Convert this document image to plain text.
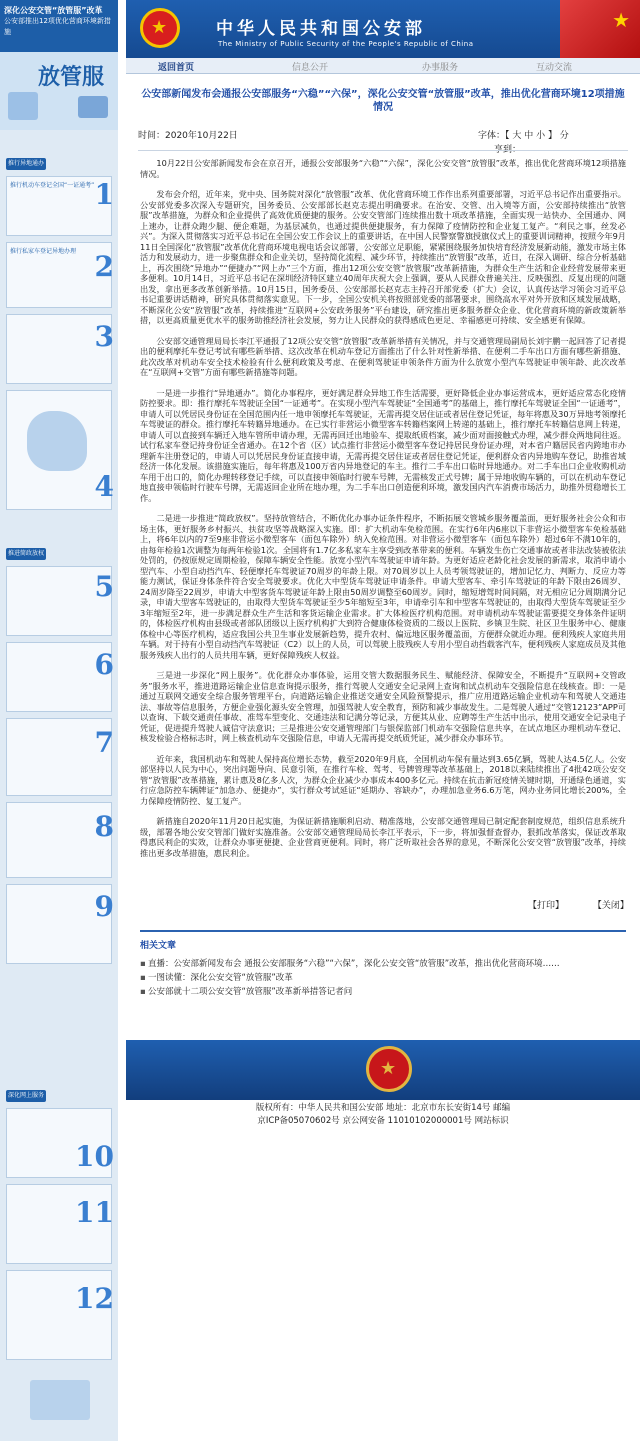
深化公安交管“放管服”改革
公安部推出12项优化营商环境新措施
放管服
推行异地通办
推行机动车登记全国“一证通考” 1
推行私家车登记异地办理 2
3
4
推进简政放权
5
6
7
8
9
深化网上服务
10
11
12
★	中华人民共和国公安部
The Ministry of Public Security of the People's Republic of China
★
返回首页	信息公开	办事服务	互动交流
公安部新闻发布会通报公安部服务“六稳”“六保”，深化公安交管“放管服”改革，推出优化营商环境12项措施情况
时间：2020年10月22日	字体：【 大 中 小 】 分
享到：

10月22日公安部新闻发布会在京召开，通报公安部服务“六稳”“六保”，深化公安交管“放管服”改革，推出优化营商环境12项措施情况。

发布会介绍，近年来，党中央、国务院对深化“放管服”改革、优化营商环境工作作出系列重要部署，习近平总书记作出重要指示。公安部党委多次深入专题研究，国务委员、公安部部长赵克志提出明确要求。在治安、交管、出入境等方面，公安部持续推出“放管服”改革措施，为群众和企业提供了高效优质便捷的服务。公安交管部门连续推出数十项改革措施，全面实现一站快办、全国通办、网上速办，让群众跑少腿、便企难题，为基层减负，也通过提供便捷服务，有力保障了疫情防控和企业复工复产。“利民之事，丝发必兴”。为深入贯彻落实习近平总书记在全国公安工作会议上的重要讲话，在中国人民警察警旗授旗仪式上的重要训词精神，按照今年9月11日全国深化“放管服”改革优化营商环境电视电话会议部署，公安部立足职能，紧紧围绕服务加快培育经济发展新动能，激发市场主体活力和发展动力，进一步聚焦群众和企业关切，坚持简化流程、减少环节，持续推出“放管服”改革，近日，在深入调研、综合分析基础上，再次围绕“异地办”“便捷办”“网上办”三个方面，推出12项公安交管“放管服”改革新措施，为群众生产生活和企业经营发展带来更多便利。10月14日，习近平总书记在深圳经济特区建立40周年庆祝大会上强调，要从人民群众普遍关注、反映强烈、反复出现的问题出发，拿出更多改革创新举措。10月15日，国务委员、公安部部长赵克志主持召开部党委（扩大）会议，认真传达学习领会习近平总书记重要讲话精神，研究具体贯彻落实意见。下一步，全国公安机关将按照部党委的部署要求，围绕高水平对外开放和区域发展战略，不断深化公安“放管服”改革，持续推进“互联网+公安政务服务”平台建设，研究推出更多服务群众企业、优化营商环境的新政策新举措，以更高质量更优水平的服务助推经济社会发展，努力让人民群众的获得感成色更足、幸福感更可持续、安全感更有保障。

公安部交通管理局局长李江平通报了12项公安交管“放管服”改革新举措有关情况，并与交通管理局副局长刘宇鹏一起回答了记者提出的便利摩托车登记考试有哪些新举措、这次改革在机动车登记方面推出了什么针对性新举措、在便利二手车出口方面有哪些新措施、此次改革对机动车安全技术检验有什么便利政策及考虑、在便利驾驶证申领条件方面为什么放宽小型汽车驾驶证申领年龄、此次改革在“互联网+交管”方面有哪些新措施等问题。

一是进一步推行“异地通办”。简化办事程序，更好满足群众异地工作生活需要，更好降低企业办事运营成本，更好适应常态化疫情防控要求。即：推行摩托车驾驶证全国“一证通考”。在实现小型汽车驾驶证“全国通考”的基础上，推行摩托车驾驶证全国“一证通考”，申请人可以凭居民身份证在全国范围内任一地申领摩托车驾驶证，无需再提交居住证或者居住登记凭证，每年将惠及30万异地考领摩托车驾驶证的群众。推行摩托车转籍异地通办。在已实行非营运小微型客车转籍档案网上转递的基础上，推行摩托车转籍信息网上转递，申请人可以直接到车辆迁入地车管所申请办理，无需再回迁出地验车、提取纸质档案，减少面对面接触式办理，减少群众两地间往返。试行私家车登记持身份证全省通办。在12个省（区）试点推行非营运小微型客车登记持居民身份证办理，对本省户籍居民省内跨地市办理新车注册登记的，申请人可以凭居民身份证直接申请，无需再提交居住证或者居住登记凭证，便利群众省内异地购车登记，助推省域经济一体化发展。该措施实施后，每年将惠及100万省内异地登记的车主。推行二手车出口临时异地通办。对二手车出口企业收购机动车用于出口的，简化办理转移登记手续，可以直接申领临时行驶车号牌，无需核发正式号牌；属于异地收购车辆的，可以在机动车登记地直接申领临时行驶车号牌，无需返回企业所在地办理，为二手车出口创造便利环境，激发国内汽车消费市场活力，助推外贸稳增长工作。

二是进一步推进“简政放权”。坚持放管结合，不断优化办事办证条件程序，不断拓展交管城乡服务覆盖面，更好服务社会公众和市场主体，更好服务乡村振兴、扶贫攻坚等战略深入实施。即：扩大机动车免检范围。在实行6年内6座以下非营运小微型客车免检基础上，将6年以内的7至9座非营运小微型客车（面包车除外）纳入免检范围。对非营运小微型客车（面包车除外）超过6年不满10年的，由每年检验1次调整为每两年检验1次。全国将有1.7亿多私家车主享受到改革带来的便利。车辆发生伤亡交通事故或者非法改装被依法处罚的，仍按原规定周期检验，保障车辆安全性能。放宽小型汽车驾驶证申请年龄。为更好适应老龄化社会发展的新需求，取消申请小型汽车、小型自动挡汽车、轻便摩托车驾驶证70周岁的年龄上限。对70周岁以上人员考领驾驶证的，增加记忆力、判断力、反应力等能力测试，保证身体条件符合安全驾驶要求。优化大中型货车驾驶证申请条件。申请大型客车、牵引车驾驶证的年龄下限由26周岁、24周岁降至22周岁，申请大中型客货车驾驶证年龄上限由50周岁调整至60周岁。同时，缩短增驾时间间隔，对无相应记分周期满分记录，申请大型客车驾驶证的，由取得大型货车驾驶证至少5年缩短至3年，申请牵引车和中型客车驾驶证的，由取得大型货车驾驶证至少3年缩短至2年，进一步满足群众生产生活和客货运输企业需求。扩大体检医疗机构范围。对申请机动车驾驶证需要提交身体条件证明的，体检医疗机构由县级或者部队团级以上医疗机构扩大到符合健康体检资质的二级以上医院、乡镇卫生院、社区卫生服务中心、健康体检中心等医疗机构，适应我国公共卫生事业发展新趋势，提升农村、偏远地区服务覆盖面，方便群众就近办理。便利残疾人家庭共用车辆。对于持有小型自动挡汽车驾驶证（C2）以上的人员，可以驾驶上肢残疾人专用小型自动挡载客汽车，便利残疾人家庭成员及其他服务残疾人出行的人员共用车辆，更好保障残疾人权益。

三是进一步深化“网上服务”。优化群众办事体验，运用交管大数据服务民生、赋能经济、保障安全，不断提升“互联网+交管政务”服务水平，推进道路运输企业信息查询提示服务，推行驾驶人交通安全记录网上查询和试点机动车交强险信息在线核查。即：一是通过互联网交通安全综合服务管理平台，向道路运输企业推送交通安全风险预警提示，推广应用道路运输企业机动车和驾驶人交通违法、事故等信息服务，方便企业强化源头安全管理，加强驾驶人安全教育，预防和减少事故发生。二是驾驶人通过“交管12123”APP可以查询、下载交通责任事故、准驾车型变化、交通违法和记满分等记录，方便其从业、应聘等生产生活中出示，使用交通安全记录电子凭证，促进提升驾驶人诚信守法意识；三是推进公安交通管理部门与银保监部门机动车交强险信息共享，在试点地区办理机动车登记、核发检验合格标志时，网上核查机动车交强险信息，申请人无需再提交纸质凭证，减少群众办事环节。

近年来，我国机动车和驾驶人保持高位增长态势，截至2020年9月底，全国机动车保有量达到3.65亿辆，驾驶人达4.5亿人。公安部坚持以人民为中心，突出问题导向、民意引领，在推行车检、驾考、号牌管理等改革基础上，2018以来陆续推出了4批42项公安交管“放管服”改革措施，累计惠及8亿多人次，为群众企业减少办事成本400多亿元。持续在抗击新冠疫情关键时期，开通绿色通道，实行应急防控车辆牌证“加急办、便捷办”，实行群众考试延证“延期办、容缺办”，办理加急业务6.6万笔，网办业务同比增长200%，全力保障疫情防控、复工复产。

新措施自2020年11月20日起实施，为保证新措施顺利启动、精准落地，公安部交通管理局已制定配套制度规范，组织信息系统升级，部署各地公安交管部门做好实施准备。公安部交通管理局局长李江平表示，下一步，将加强督查督办，狠抓改革落实，保证改革取得惠民利企的实效，让群众办事更便捷、企业营商更便利。同时，将广泛听取社会各界的意见，不断深化公安交管“放管服”改革，持续推出更多改革措施，惠民利企。

【打印】	【关闭】
相关文章
▪ 直播：公安部新闻发布会 通报公安部服务“六稳”“六保”，深化公安交管“放管服”改革，推出优化营商环境……
▪ 一图读懂：深化公安交管“放管服”改革
▪ 公安部就十二项公安交管“放管服”改革新举措答记者问
★
版权所有：中华人民共和国公安部 地址：北京市东长安街14号 邮编
京ICP备05070602号 京公网安备 11010102000001号 网站标识
